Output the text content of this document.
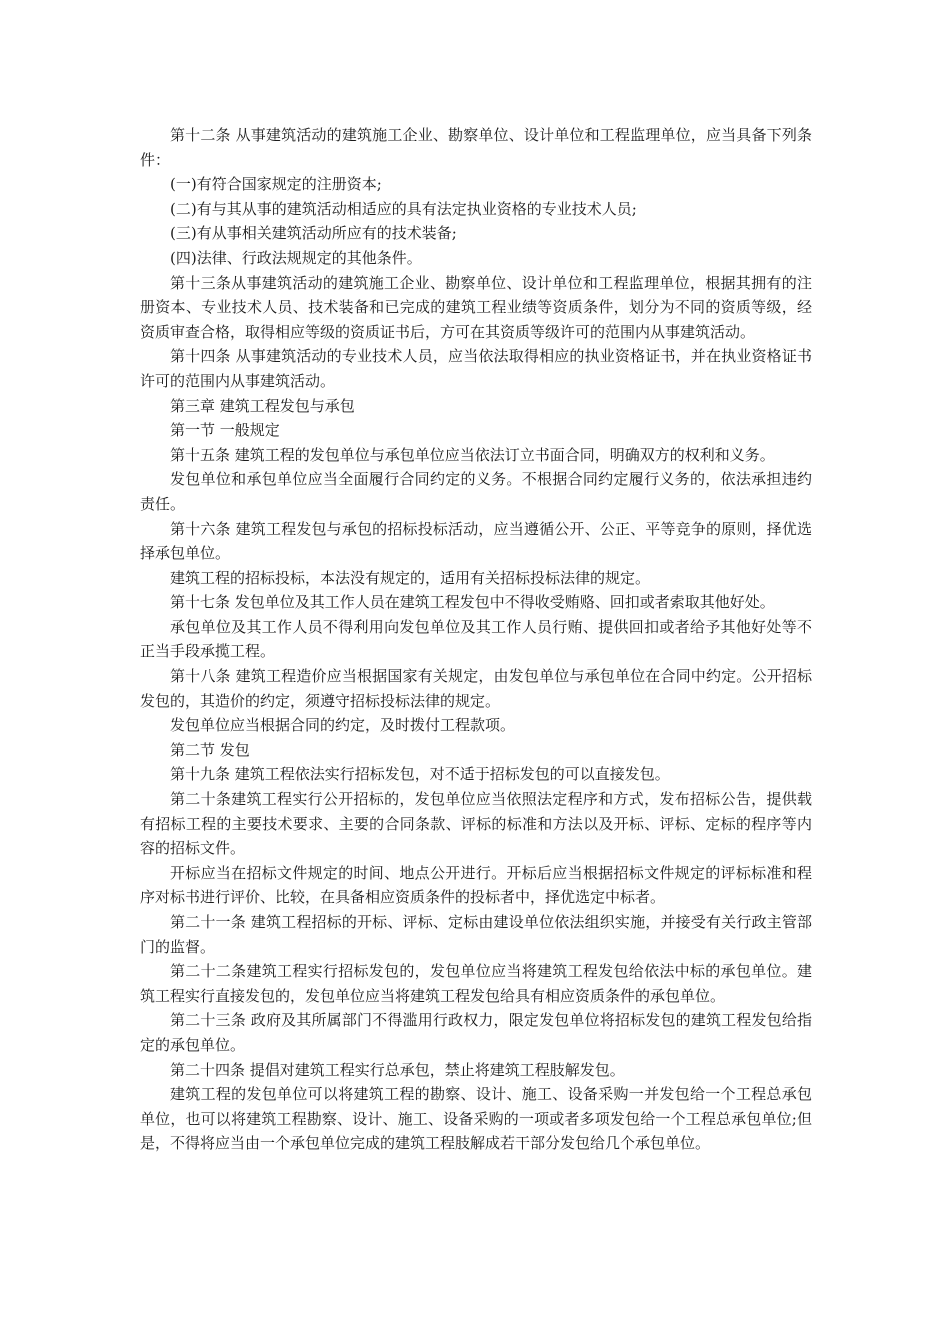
第十二条 从事建筑活动的建筑施工企业、勘察单位、设计单位和工程监理单位，应当具备下列条件：

(一)有符合国家规定的注册资本;

(二)有与其从事的建筑活动相适应的具有法定执业资格的专业技术人员;

(三)有从事相关建筑活动所应有的技术装备;

(四)法律、行政法规规定的其他条件。

第十三条从事建筑活动的建筑施工企业、勘察单位、设计单位和工程监理单位，根据其拥有的注册资本、专业技术人员、技术装备和已完成的建筑工程业绩等资质条件，划分为不同的资质等级，经资质审查合格，取得相应等级的资质证书后，方可在其资质等级许可的范围内从事建筑活动。

第十四条 从事建筑活动的专业技术人员，应当依法取得相应的执业资格证书，并在执业资格证书许可的范围内从事建筑活动。

第三章 建筑工程发包与承包

第一节 一般规定

第十五条 建筑工程的发包单位与承包单位应当依法订立书面合同，明确双方的权利和义务。

发包单位和承包单位应当全面履行合同约定的义务。不根据合同约定履行义务的，依法承担违约责任。

第十六条 建筑工程发包与承包的招标投标活动，应当遵循公开、公正、平等竞争的原则，择优选择承包单位。

建筑工程的招标投标，本法没有规定的，适用有关招标投标法律的规定。

第十七条 发包单位及其工作人员在建筑工程发包中不得收受贿赂、回扣或者索取其他好处。

承包单位及其工作人员不得利用向发包单位及其工作人员行贿、提供回扣或者给予其他好处等不正当手段承揽工程。

第十八条 建筑工程造价应当根据国家有关规定，由发包单位与承包单位在合同中约定。公开招标发包的，其造价的约定，须遵守招标投标法律的规定。

发包单位应当根据合同的约定，及时拨付工程款项。

第二节 发包

第十九条 建筑工程依法实行招标发包，对不适于招标发包的可以直接发包。

第二十条建筑工程实行公开招标的，发包单位应当依照法定程序和方式，发布招标公告，提供载有招标工程的主要技术要求、主要的合同条款、评标的标准和方法以及开标、评标、定标的程序等内容的招标文件。

开标应当在招标文件规定的时间、地点公开进行。开标后应当根据招标文件规定的评标标准和程序对标书进行评价、比较，在具备相应资质条件的投标者中，择优选定中标者。

第二十一条 建筑工程招标的开标、评标、定标由建设单位依法组织实施，并接受有关行政主管部门的监督。

第二十二条建筑工程实行招标发包的，发包单位应当将建筑工程发包给依法中标的承包单位。建筑工程实行直接发包的，发包单位应当将建筑工程发包给具有相应资质条件的承包单位。

第二十三条 政府及其所属部门不得滥用行政权力，限定发包单位将招标发包的建筑工程发包给指定的承包单位。

第二十四条 提倡对建筑工程实行总承包，禁止将建筑工程肢解发包。

建筑工程的发包单位可以将建筑工程的勘察、设计、施工、设备采购一并发包给一个工程总承包单位，也可以将建筑工程勘察、设计、施工、设备采购的一项或者多项发包给一个工程总承包单位;但是，不得将应当由一个承包单位完成的建筑工程肢解成若干部分发包给几个承包单位。
